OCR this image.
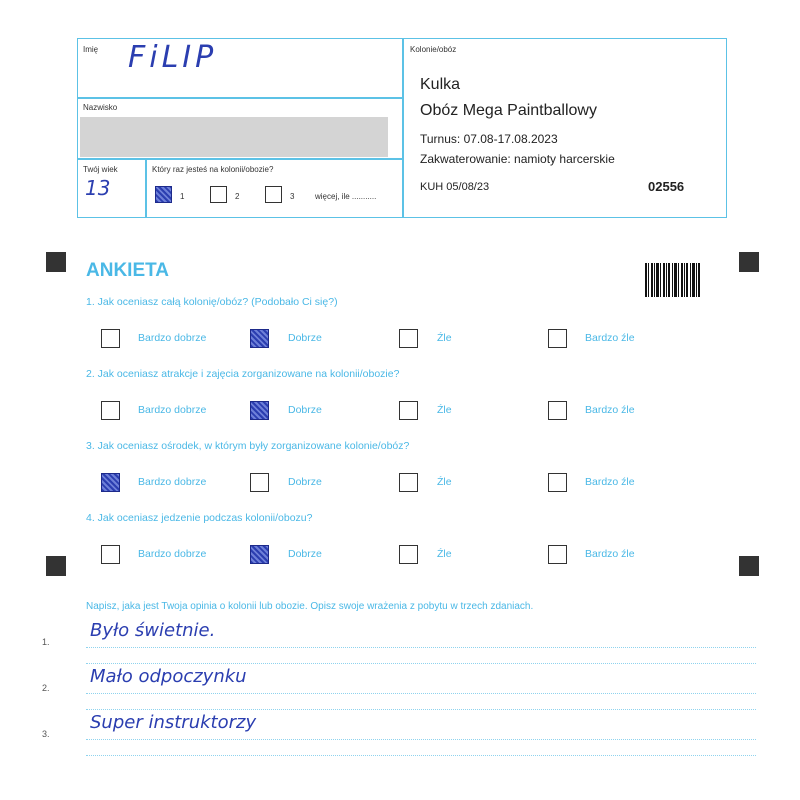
Imię FiLIP
Nazwisko
Twój wiek
13
Który raz jesteś na kolonii/obozie?
1	2	3	więcej, ile ...........
Kolonie/obóz
Kulka
Obóz Mega Paintballowy
Turnus: 07.08-17.08.2023
Zakwaterowanie: namioty harcerskie
KUH 05/08/23	02556
ANKIETA
1. Jak oceniasz całą kolonię/obóz? (Podobało Ci się?)
Bardzo dobrze	Dobrze	Źle	Bardzo źle
2. Jak oceniasz atrakcje i zajęcia zorganizowane na kolonii/obozie?
Bardzo dobrze	Dobrze	Źle	Bardzo źle
3. Jak oceniasz ośrodek, w którym były zorganizowane kolonie/obóz?
Bardzo dobrze	Dobrze	Źle	Bardzo źle
4. Jak oceniasz jedzenie podczas kolonii/obozu?
Bardzo dobrze	Dobrze	Źle	Bardzo źle
Napisz, jaka jest Twoja opinia o kolonii lub obozie. Opisz swoje wrażenia z pobytu w trzech zdaniach.
1.
Było świetnie.
2.
Mało odpoczynku
3.
Super instruktorzy
